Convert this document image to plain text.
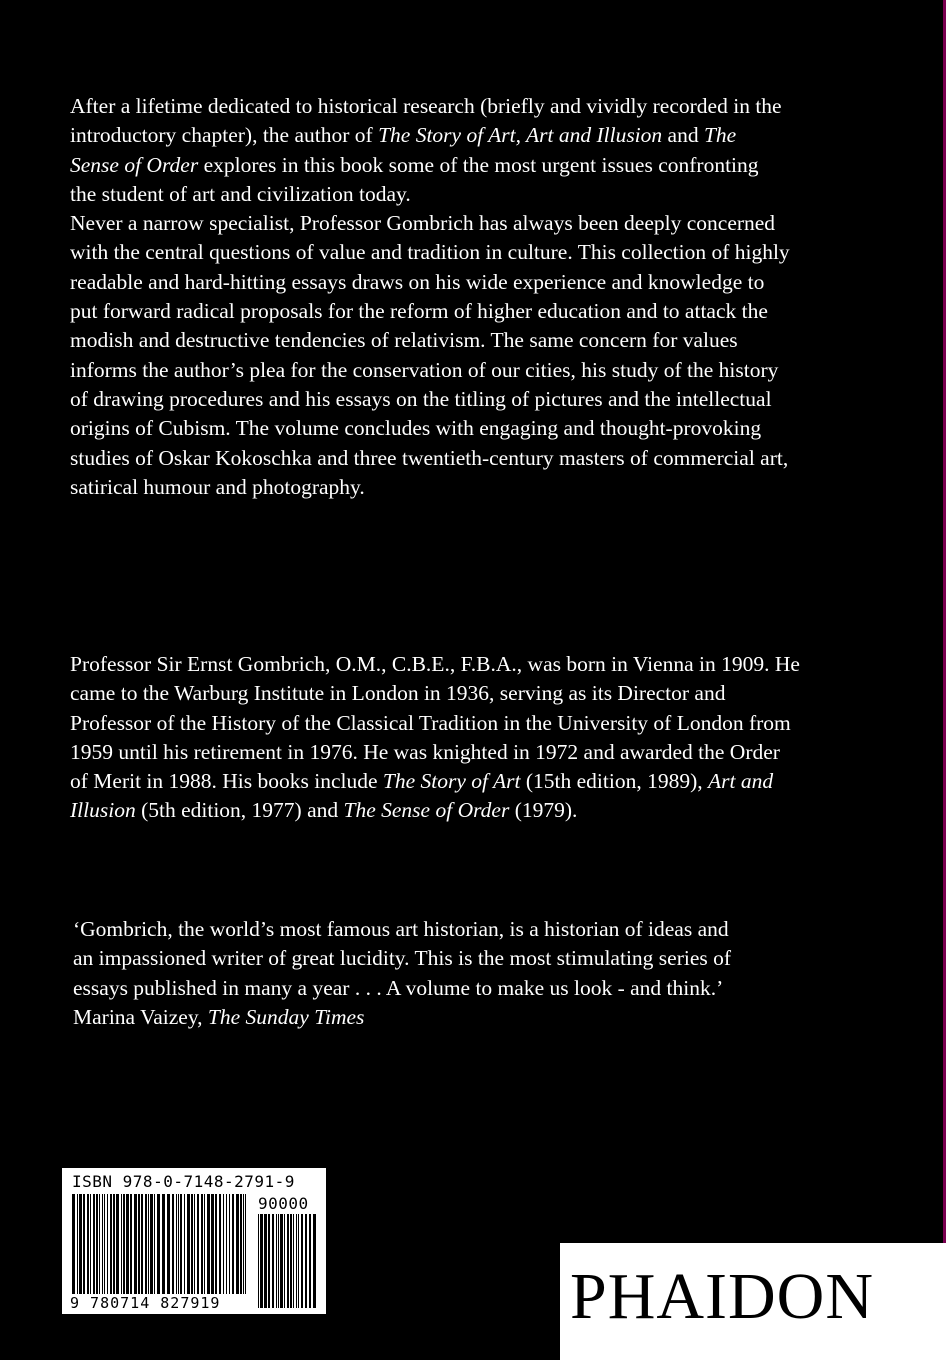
After a lifetime dedicated to historical research (briefly and vividly recorded in the introductory chapter), the author of The Story of Art, Art and Illusion and The Sense of Order explores in this book some of the most urgent issues confronting the student of art and civilization today.

Never a narrow specialist, Professor Gombrich has always been deeply concerned with the central questions of value and tradition in culture. This collection of highly readable and hard-hitting essays draws on his wide experience and knowledge to put forward radical proposals for the reform of higher education and to attack the modish and destructive tendencies of relativism. The same concern for values informs the author’s plea for the conservation of our cities, his study of the history of drawing procedures and his essays on the titling of pictures and the intellectual origins of Cubism. The volume concludes with engaging and thought-provoking studies of Oskar Kokoschka and three twentieth-century masters of commercial art, satirical humour and photography.

Professor Sir Ernst Gombrich, O.M., C.B.E., F.B.A., was born in Vienna in 1909. He came to the Warburg Institute in London in 1936, serving as its Director and Professor of the History of the Classical Tradition in the University of London from 1959 until his retirement in 1976. He was knighted in 1972 and awarded the Order of Merit in 1988. His books include The Story of Art (15th edition, 1989), Art and Illusion (5th edition, 1977) and The Sense of Order (1979).

‘Gombrich, the world’s most famous art historian, is a historian of ideas and an impassioned writer of great lucidity. This is the most stimulating series of essays published in many a year . . . A volume to make us look - and think.’

Marina Vaizey, The Sunday Times

ISBN 978-0-7148-2791-9
9 780714 827919
90000
PHAIDON
